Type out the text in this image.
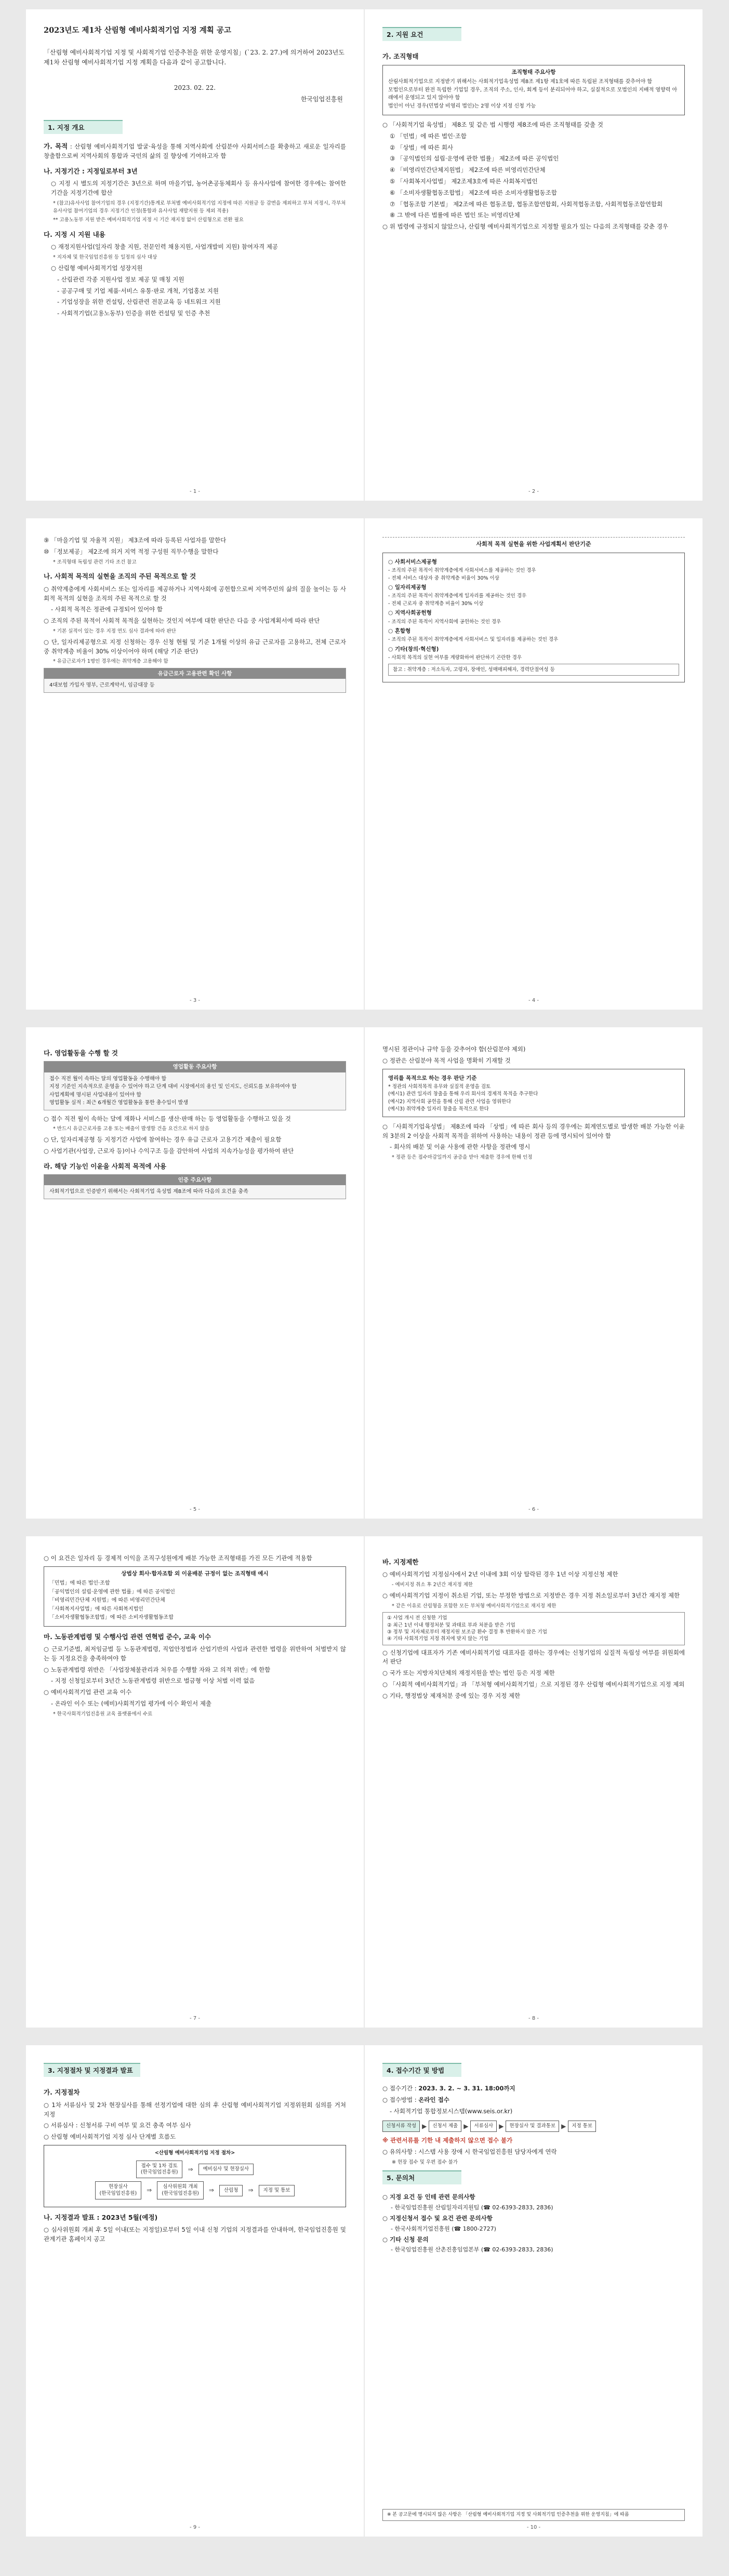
2023년도 제1차 산림형 예비사회적기업 지정 계획 공고
「산림형 예비사회적기업 지정 및 사회적기업 인증추천을 위한 운영지침」(`23. 2. 27.)에 의거하여 2023년도 제1차 산림형 예비사회적기업 지정 계획을 다음과 같이 공고합니다.
2023. 02. 22.
한국임업진흥원
1. 지정 개요
가. 목적 : 산림형 예비사회적기업 발굴·육성을 통해 지역사회에 산림분야 사회서비스를 확충하고 새로운 일자리를 창출함으로써 지역사회의 통합과 국민의 삶의 질 향상에 기여하고자 함
나. 지정기간 : 지정일로부터 3년
○ 지정 시 별도의 지정기간은 3년으로 하며 마을기업, 농어촌공동체회사 등 유사사업에 참여한 경우에는 참여한 기간을 지정기간에 합산
* (참고)유사사업 참여기업의 경우 (지정기간)통계로 부처별 예비사회적기업 지정에 따른 지원금 등 감면을 제외하고 부처 지정시, 각부처 유사사업 참여기업의 경우 지정기간 인정(통합과 유사사업 재발지원 등 제외 적용)
** 고용노동부 지원 받은 예비사회적기업 지정 시 기간 재지정 없이 산림형으로 전환 필요
다. 지정 시 지원 내용
○ 재정지원사업(일자리 창출 지원, 전문인력 채용지원, 사업개발비 지원) 참여자격 제공
* 지자체 및 한국임업진흥원 등 일정의 심사 대상
○ 산림형 예비사회적기업 성장지원
- 산림관련 각종 지원사업 정보 제공 및 매칭 지원
- 공공구매 및 기업 제품·서비스 유통·판로 개척, 기업홍보 지원
- 기업성장을 위한 컨설팅, 산림관련 전문교육 등 네트워크 지원
- 사회적기업(고용노동부) 인증을 위한 컨설팅 및 인증 추천
- 1 -
2. 지원 요건
가. 조직형태
조직형태 주요사항
산림사회적기업으로 지정받기 위해서는 사회적기업육성법 제8조 제1항 제1호에 따른 독립된 조직형태를 갖추어야 함
모법인으로부터 완전 독립한 기업일 경우, 조직의 주소, 인사, 회계 등이 분리되어야 하고, 실질적으로 모법인의 지배적 영향력 아래에서 운영되고 있지 않아야 함
법인이 아닌 경우(민법상 비영리 법인)는 2명 이상 지정 신청 가능
○ 「사회적기업 육성법」 제8조 및 같은 법 시행령 제8조에 따른 조직형태를 갖출 것
① 「민법」에 따른 법인·조합
② 「상법」에 따른 회사
③ 「공익법인의 설립·운영에 관한 법률」 제2조에 따른 공익법인
④ 「비영리민간단체지원법」 제2조에 따른 비영리민간단체
⑤ 「사회복지사업법」 제2조제3호에 따른 사회복지법인
⑥ 「소비자생활협동조합법」 제2조에 따른 소비자생활협동조합
⑦ 「협동조합 기본법」 제2조에 따른 협동조합, 협동조합연합회, 사회적협동조합, 사회적협동조합연합회
⑧ 그 밖에 다른 법률에 따른 법인 또는 비영리단체
○ 위 법령에 규정되지 않았으나, 산림형 예비사회적기업으로 지정할 필요가 있는 다음의 조직형태를 갖춘 경우
- 2 -
⑨ 「마을기업 및 자율적 지원」 제3조에 따라 등록된 사업자를 말한다
⑩ 「정보제공」 제2조에 의거 지역 적정 구성원 직무수행을 말한다
* 조직형태 독립성 관련 기타 조건 참고
나. 사회적 목적의 실현을 조직의 주된 목적으로 할 것
○ 취약계층에게 사회서비스 또는 일자리를 제공하거나 지역사회에 공헌함으로써 지역주민의 삶의 질을 높이는 등 사회적 목적의 실현을 조직의 주된 목적으로 할 것
- 사회적 목적은 정관에 규정되어 있어야 함
○ 조직의 주된 목적이 사회적 목적을 실현하는 것인지 여부에 대한 판단은 다음 중 사업계획서에 따라 판단
* 기본 실적이 있는 경우 지정 연도 심사 결과에 따라 판단
○ 단, 일자리제공형으로 지정 신청하는 경우 신청 현월 및 기준 1개월 이상의 유급 근로자를 고용하고, 전체 근로자 중 취약계층 비율이 30% 이상이어야 하며 (해당 기준 판단)
* 유급근로자가 1명인 경우에는 취약계층 고용해야 함
유급근로자 고용관련 확인 사항
4대보험 가입자 명부, 근로계약서, 임금대장 등
- 3 -
사회적 목적 실현을 위한 사업계획서 판단기준
○ 사회서비스제공형
- 조직의 주된 목적이 취약계층에게 사회서비스를 제공하는 것인 경우
- 전체 서비스 대상자 중 취약계층 비율이 30% 이상
○ 일자리제공형
- 조직의 주된 목적이 취약계층에게 일자리를 제공하는 것인 경우
- 전체 근로자 중 취약계층 비율이 30% 이상
○ 지역사회공헌형
- 조직의 주된 목적이 지역사회에 공헌하는 것인 경우
○ 혼합형
- 조직의 주된 목적이 취약계층에게 사회서비스 및 일자리를 제공하는 것인 경우
○ 기타(창의·혁신형)
- 사회적 목적의 실현 여부를 계량화하여 판단하기 곤란한 경우
참고 : 취약계층 : 저소득자, 고령자, 장애인, 성매매피해자, 경력단절여성 등
- 4 -
다. 영업활동을 수행 할 것
영업활동 주요사항
접수 직전 월이 속하는 달의 영업활동을 수행해야 함
지정 기준인 지속적으로 운영을 수 있어야 하고 단계 대비 시장에서의 용인 및 인지도, 신뢰도를 보유하여야 함
사업계획에 명시된 사업내용이 있어야 함
영업활동 실적 : 최근 6개월간 영업활동을 통한 총수입이 발생
○ 접수 직전 월이 속하는 달에 재화나 서비스를 생산·판매 하는 등 영업활동을 수행하고 있을 것
* 반드시 유급근로자를 고용 또는 배출이 발생할 건을 요건으로 하지 않음
○ 단, 일자리제공형 등 지정기간 사업에 참여하는 경우 유급 근로자 고용기간 제출이 필요함
○ 사업기관(사업장, 근로자 등)이나 수익구조 등을 감안하여 사업의 지속가능성을 평가하여 판단
라. 해당 기능인 이윤을 사회적 목적에 사용
인증 주요사항
사회적기업으로 인증받기 위해서는 사회적기업 육성법 제8조에 따라 다음의 요건을 충족
- 5 -
명시된 정관이나 규약 등을 갖추어야 함(산림분야 제외)
○ 정관은 산림분야 목적 사업을 명확히 기재할 것
영리를 목적으로 하는 경우 판단 기준
* 정관의 사회적목적 유무와 실질적 운영을 검토
(예시1) 관련 일자리 창출을 통해 우리 회사의 경제적 목적을 추구한다
(예시2) 지역사회 공헌을 통해 산림 관련 사업을 영위한다
(예시3) 취약계층 일자리 창출을 목적으로 한다
○ 「사회적기업육성법」 제8조에 따라 「상법」에 따른 회사 등의 경우에는 회계연도별로 발생한 배분 가능한 이윤의 3분의 2 이상을 사회적 목적을 위하여 사용하는 내용이 정관 등에 명시되어 있어야 함
- 회사의 배분 및 이윤 사용에 관한 사항을 정관에 명시
* 정관 등은 접수마감일까지 공증을 받아 제출한 경우에 한해 인정
- 6 -
○ 이 요건은 일자리 등 경제적 이익을 조직구성원에게 배분 가능한 조직형태를 가진 모든 기관에 적용함
상법상 회사·합자조합 외 이윤배분 규정이 없는 조직형태 예시
「민법」에 따른 법인·조합
「공익법인의 설립·운영에 관한 법률」에 따른 공익법인
「비영리민간단체 지원법」에 따른 비영리민간단체
「사회복지사업법」에 따른 사회복지법인
「소비자생활협동조합법」에 따른 소비자생활협동조합
마. 노동관계법령 및 수행사업 관련 연혁법 준수, 교육 이수
○ 근로기준법, 최저임금법 등 노동관계법령, 직업안정법과 산업기반의 사업과 관련한 법령을 위반하여 처벌받지 않는 등 지정요건을 충족하여야 함
○ 노동관계법령 위반은 「사업장체불관리과 처우를 수행할 자와 고 의적 위반」에 한함
- 지정 신청일로부터 3년간 노동관계법령 위반으로 벌금형 이상 처벌 이력 없음
○ 예비사회적기업 관련 교육 이수
- 온라인 이수 또는 (예비)사회적기업 평가에 이수 확인서 제출
* 한국사회적기업진흥원 교육 플랫폼에서 수료
- 7 -
바. 지정제한
○ 예비사회적기업 지정심사에서 2년 이내에 3회 이상 탈락된 경우 1년 이상 지정신청 제한
- 예비지정 취소 후 2년간 재지정 제한
○ 예비사회적기업 지정이 취소된 기업, 또는 부정한 방법으로 지정받은 경우 지정 취소일로부터 3년간 재지정 제한
* 같은 이유로 산림형을 포함한 모든 부처형 예비사회적기업으로 재지정 제한
① 사업 개시 전 신청한 기업
② 최근 1년 이내 행정처분 및 과태료 부과 처분을 받은 기업
③ 정부 및 지자체로부터 재정지원 보조금 환수 결정 후 반환하지 않은 기업
④ 기타 사회적기업 지정 취지에 맞지 않는 기업
○ 신청기업에 대표자가 기존 예비사회적기업 대표자를 겸하는 경우에는 신청기업의 실질적 독립성 여부를 위원회에서 판단
○ 국가 또는 지방자치단체의 재정지원을 받는 법인 등은 지정 제한
○ 「사회적 예비사회적기업」과 「부처형 예비사회적기업」으로 지정된 경우 산림형 예비사회적기업으로 지정 제외
○ 기타, 행정법상 제재처분 중에 있는 경우 지정 제한
- 8 -
3. 지정절차 및 지정결과 발표
가. 지정절차
○ 1차 서류심사 및 2차 현장실사를 통해 선정기업에 대한 심의 후 산림형 예비사회적기업 지정위원회 심의를 거쳐 지정
○ 서류심사 : 신청서류 구비 여부 및 요건 충족 여부 심사
○ 산림형 예비사회적기업 지정 심사 단계별 흐름도
<산림형 예비사회적기업 지정 절차>
접수 및 1차 검토
(한국임업진흥원)	⇒	예비심사 및 현장실사
현장실사
(한국임업진흥원)	⇒	심사위원회 개최
(한국임업진흥원)	⇒	산림청	⇒	지정 및 통보
나. 지정결과 발표 : 2023년 5월(예정)
○ 심사위원회 개최 후 5일 이내(또는 지정일)로부터 5일 이내 신청 기업의 지정결과를 안내하며, 한국임업진흥원 및 관계기관 홈페이지 공고
- 9 -
4. 접수기간 및 방법
○ 접수기간 : 2023. 3. 2. ~ 3. 31. 18:00까지
○ 접수방법 : 온라인 접수
- 사회적기업 통합정보시스템(www.seis.or.kr)
신청서류 작성 ▶	신청서 제출 ▶	서류심사 ▶	현장실사 및 결과통보 ▶	지정 통보
※ 관련서류를 기한 내 제출하지 않으면 접수 불가
○ 유의사항 : 시스템 사용 장애 시 한국임업진흥원 담당자에게 연락
※ 현장 접수 및 우편 접수 불가
5. 문의처
○ 지정 요건 등 인테 관련 문의사항
- 한국임업진흥원 산림일자리지원팀 (☎ 02-6393-2833, 2836)
○ 지정신청서 접수 및 요건 관련 문의사항
- 한국사회적기업진흥원 (☎ 1800-2727)
○ 기타 신청 문의
- 한국임업진흥원 산촌진흥임업본부 (☎ 02-6393-2833, 2836)
※ 본 공고문에 명시되지 않은 사항은 「산림형 예비사회적기업 지정 및 사회적기업 인증추천을 위한 운영지침」에 따름
- 10 -
